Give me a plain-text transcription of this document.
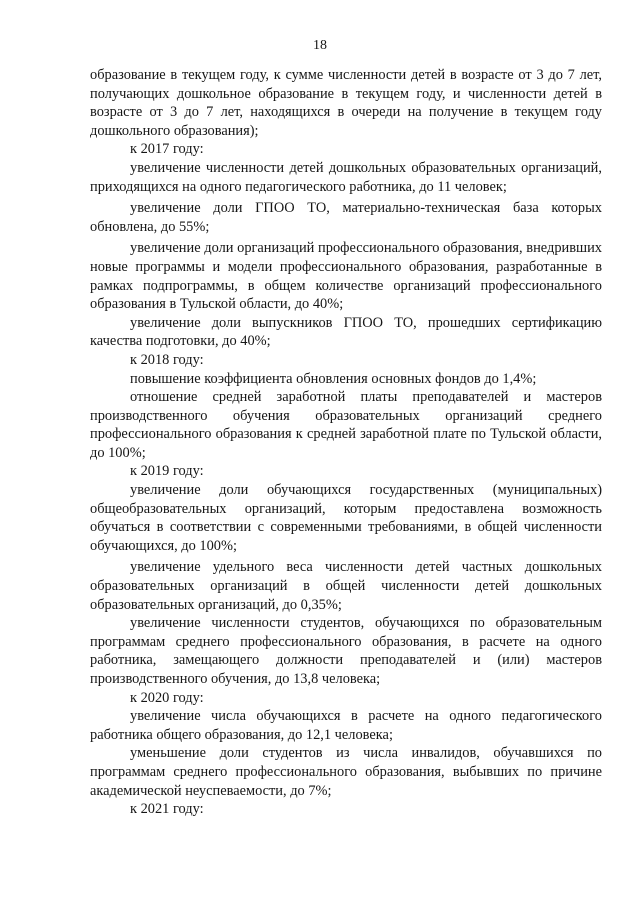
18

образование в текущем году, к сумме численности детей в возрасте от 3 до 7 лет, получающих дошкольное образование в текущем году, и численности детей в возрасте от 3 до 7 лет, находящихся в очереди на получение в текущем году дошкольного образования);

к 2017 году:

увеличение численности детей дошкольных образовательных организаций, приходящихся на одного педагогического работника, до 11 человек;

увеличение доли ГПОО ТО, материально-техническая база которых обновлена, до 55%;

увеличение доли организаций профессионального образования, внедривших новые программы и модели профессионального образования, разработанные в рамках подпрограммы, в общем количестве организаций профессионального образования в Тульской области, до 40%;

увеличение доли выпускников ГПОО ТО, прошедших сертификацию качества подготовки, до 40%;

к 2018 году:

повышение коэффициента обновления основных фондов до 1,4%;

отношение средней заработной платы преподавателей и мастеров производственного обучения образовательных организаций среднего профессионального образования к средней заработной плате по Тульской области, до 100%;

к 2019 году:

увеличение доли обучающихся государственных (муниципальных) общеобразовательных организаций, которым предоставлена возможность обучаться в соответствии с современными требованиями, в общей численности обучающихся, до 100%;

увеличение удельного веса численности детей частных дошкольных образовательных организаций в общей численности детей дошкольных образовательных организаций, до 0,35%;

увеличение численности студентов, обучающихся по образовательным программам среднего профессионального образования, в расчете на одного работника, замещающего должности преподавателей и (или) мастеров производственного обучения, до 13,8 человека;

к 2020 году:

увеличение числа обучающихся в расчете на одного педагогического работника общего образования, до 12,1 человека;

уменьшение доли студентов из числа инвалидов, обучавшихся по программам среднего профессионального образования, выбывших по причине академической неуспеваемости, до 7%;

к 2021 году:
